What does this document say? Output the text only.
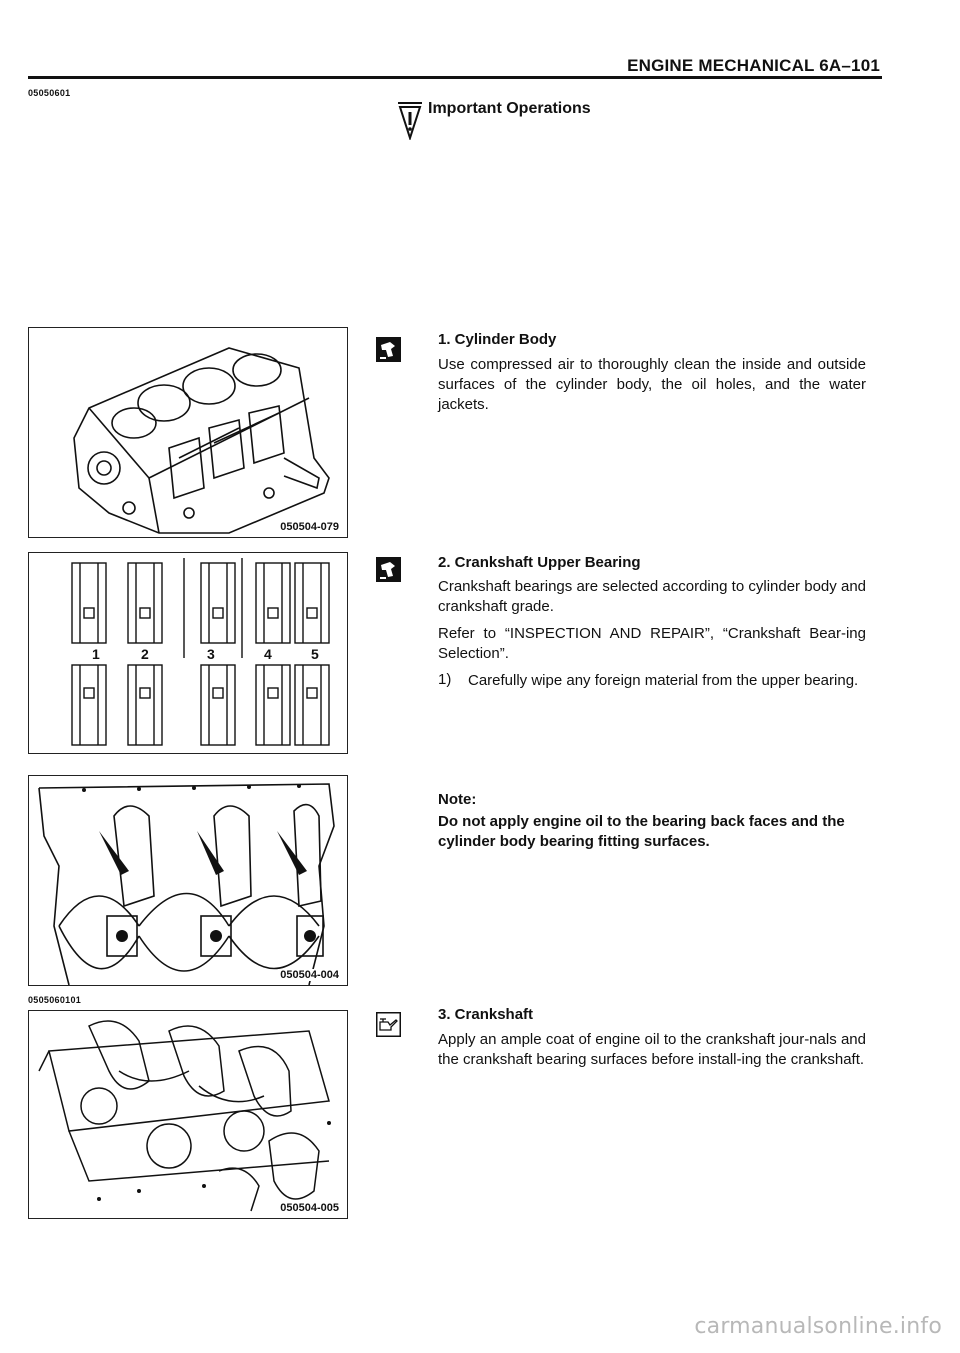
ENGINE MECHANICAL 6A–101
05050601
Important Operations
050504-079
1	2	3	4	5
050504-004
0505060101
050504-005
1. Cylinder Body
Use compressed air to thoroughly clean the inside and outside surfaces of the cylinder body, the oil holes, and the water jackets.
2. Crankshaft Upper Bearing
Crankshaft bearings are selected according to cylinder body and crankshaft grade.
Refer to “INSPECTION AND REPAIR”, “Crankshaft Bear-ing Selection”.
1) Carefully wipe any foreign material from the upper bearing.
Note:
Do not apply engine oil to the bearing back faces and the cylinder body bearing fitting surfaces.
3. Crankshaft
Apply an ample coat of engine oil to the crankshaft jour-nals and the crankshaft bearing surfaces before install-ing the crankshaft.
carmanualsonline.info
